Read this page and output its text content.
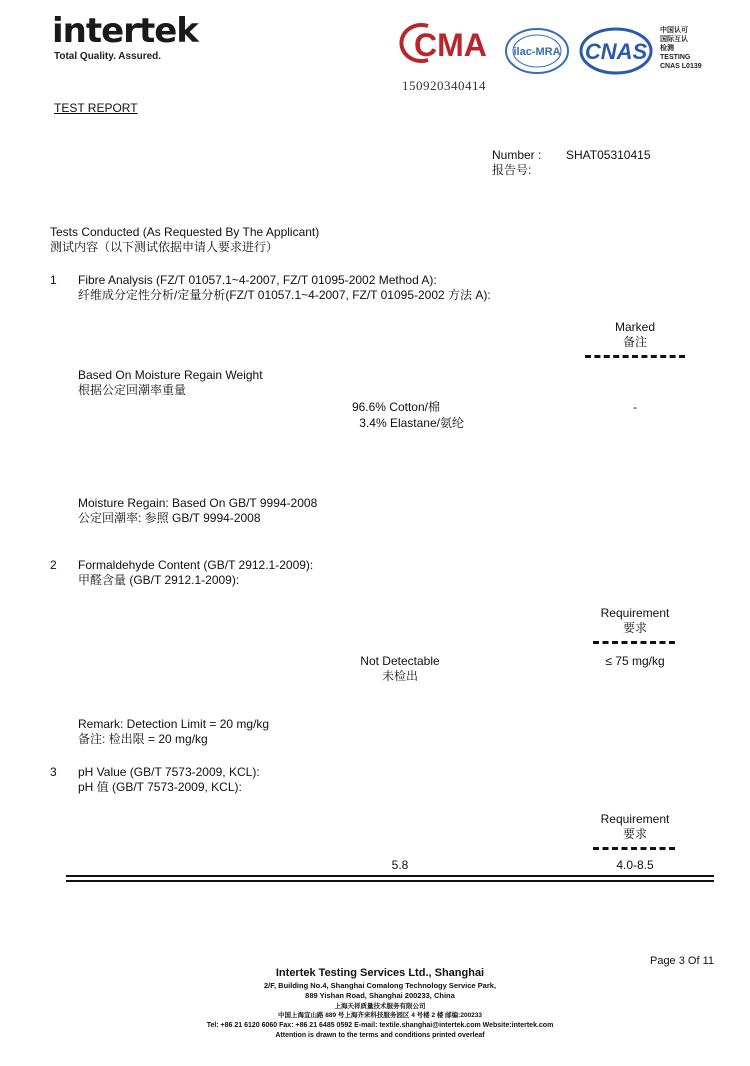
intertek
Total Quality. Assured.	CMA
150920340414
ilac-MRA CNAS
中国认可
国际互认
检测
TESTING
CNAS L0139
TEST REPORT
Number :
报告号:
SHAT05310415
Tests Conducted (As Requested By The Applicant)
测试内容（以下测试依据申请人要求进行）
1 Fibre Analysis (FZ/T 01057.1~4-2007, FZ/T 01095-2002 Method A):
纤维成分定性分析/定量分析(FZ/T 01057.1~4-2007, FZ/T 01095-2002 方法 A):
Marked
备注
Based On Moisture Regain Weight
根据公定回潮率重量
96.6% Cotton/棉
3.4% Elastane/氨纶
-
Moisture Regain: Based On GB/T 9994-2008
公定回潮率: 参照 GB/T 9994-2008
2 Formaldehyde Content (GB/T 2912.1-2009):
甲醛含量 (GB/T 2912.1-2009):
Requirement
要求
Not Detectable
未检出
≤ 75 mg/kg
Remark: Detection Limit = 20 mg/kg
备注: 检出限 = 20 mg/kg
3 pH Value (GB/T 7573-2009, KCL):
pH 值 (GB/T 7573-2009, KCL):
Requirement
要求
5.8	4.0-8.5
Page 3 Of 11
Intertek Testing Services Ltd., Shanghai
2/F, Building No.4, Shanghai Comalong Technology Service Park,
889 Yishan Road, Shanghai 200233, China
上海天祥质量技术服务有限公司
中国上海宜山路 889 号上海齐来科技服务园区 4 号楼 2 楼 邮编:200233
Tel: +86 21 6120 6060 Fax: +86 21 6485 0592 E-mail: textile.shanghai@intertek.com Website:intertek.com
Attention is drawn to the terms and conditions printed overleaf
